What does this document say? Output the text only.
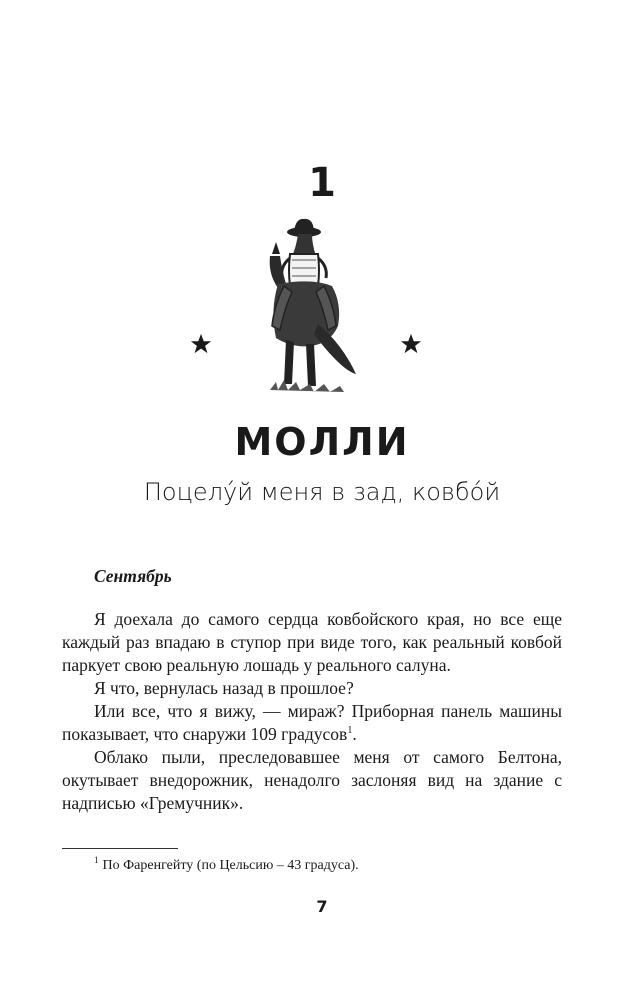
1
МОЛЛИ
Поцелу́й меня в зад, ковбо́й
Сентябрь

Я доехала до самого сердца ковбойского края, но все еще каждый раз впадаю в ступор при виде того, как реальный ковбой паркует свою реальную лошадь у реального салуна.

Я что, вернулась назад в прошлое?

Или все, что я вижу, — мираж? Приборная панель машины показывает, что снаружи 109 градусов$^1$.

Облако пыли, преследовавшее меня от самого Белтона, окутывает внедорожник, ненадолго заслоняя вид на здание с надписью «Гремучник».

$^1$ По Фаренгейту (по Цельсию – 43 градуса).
7
